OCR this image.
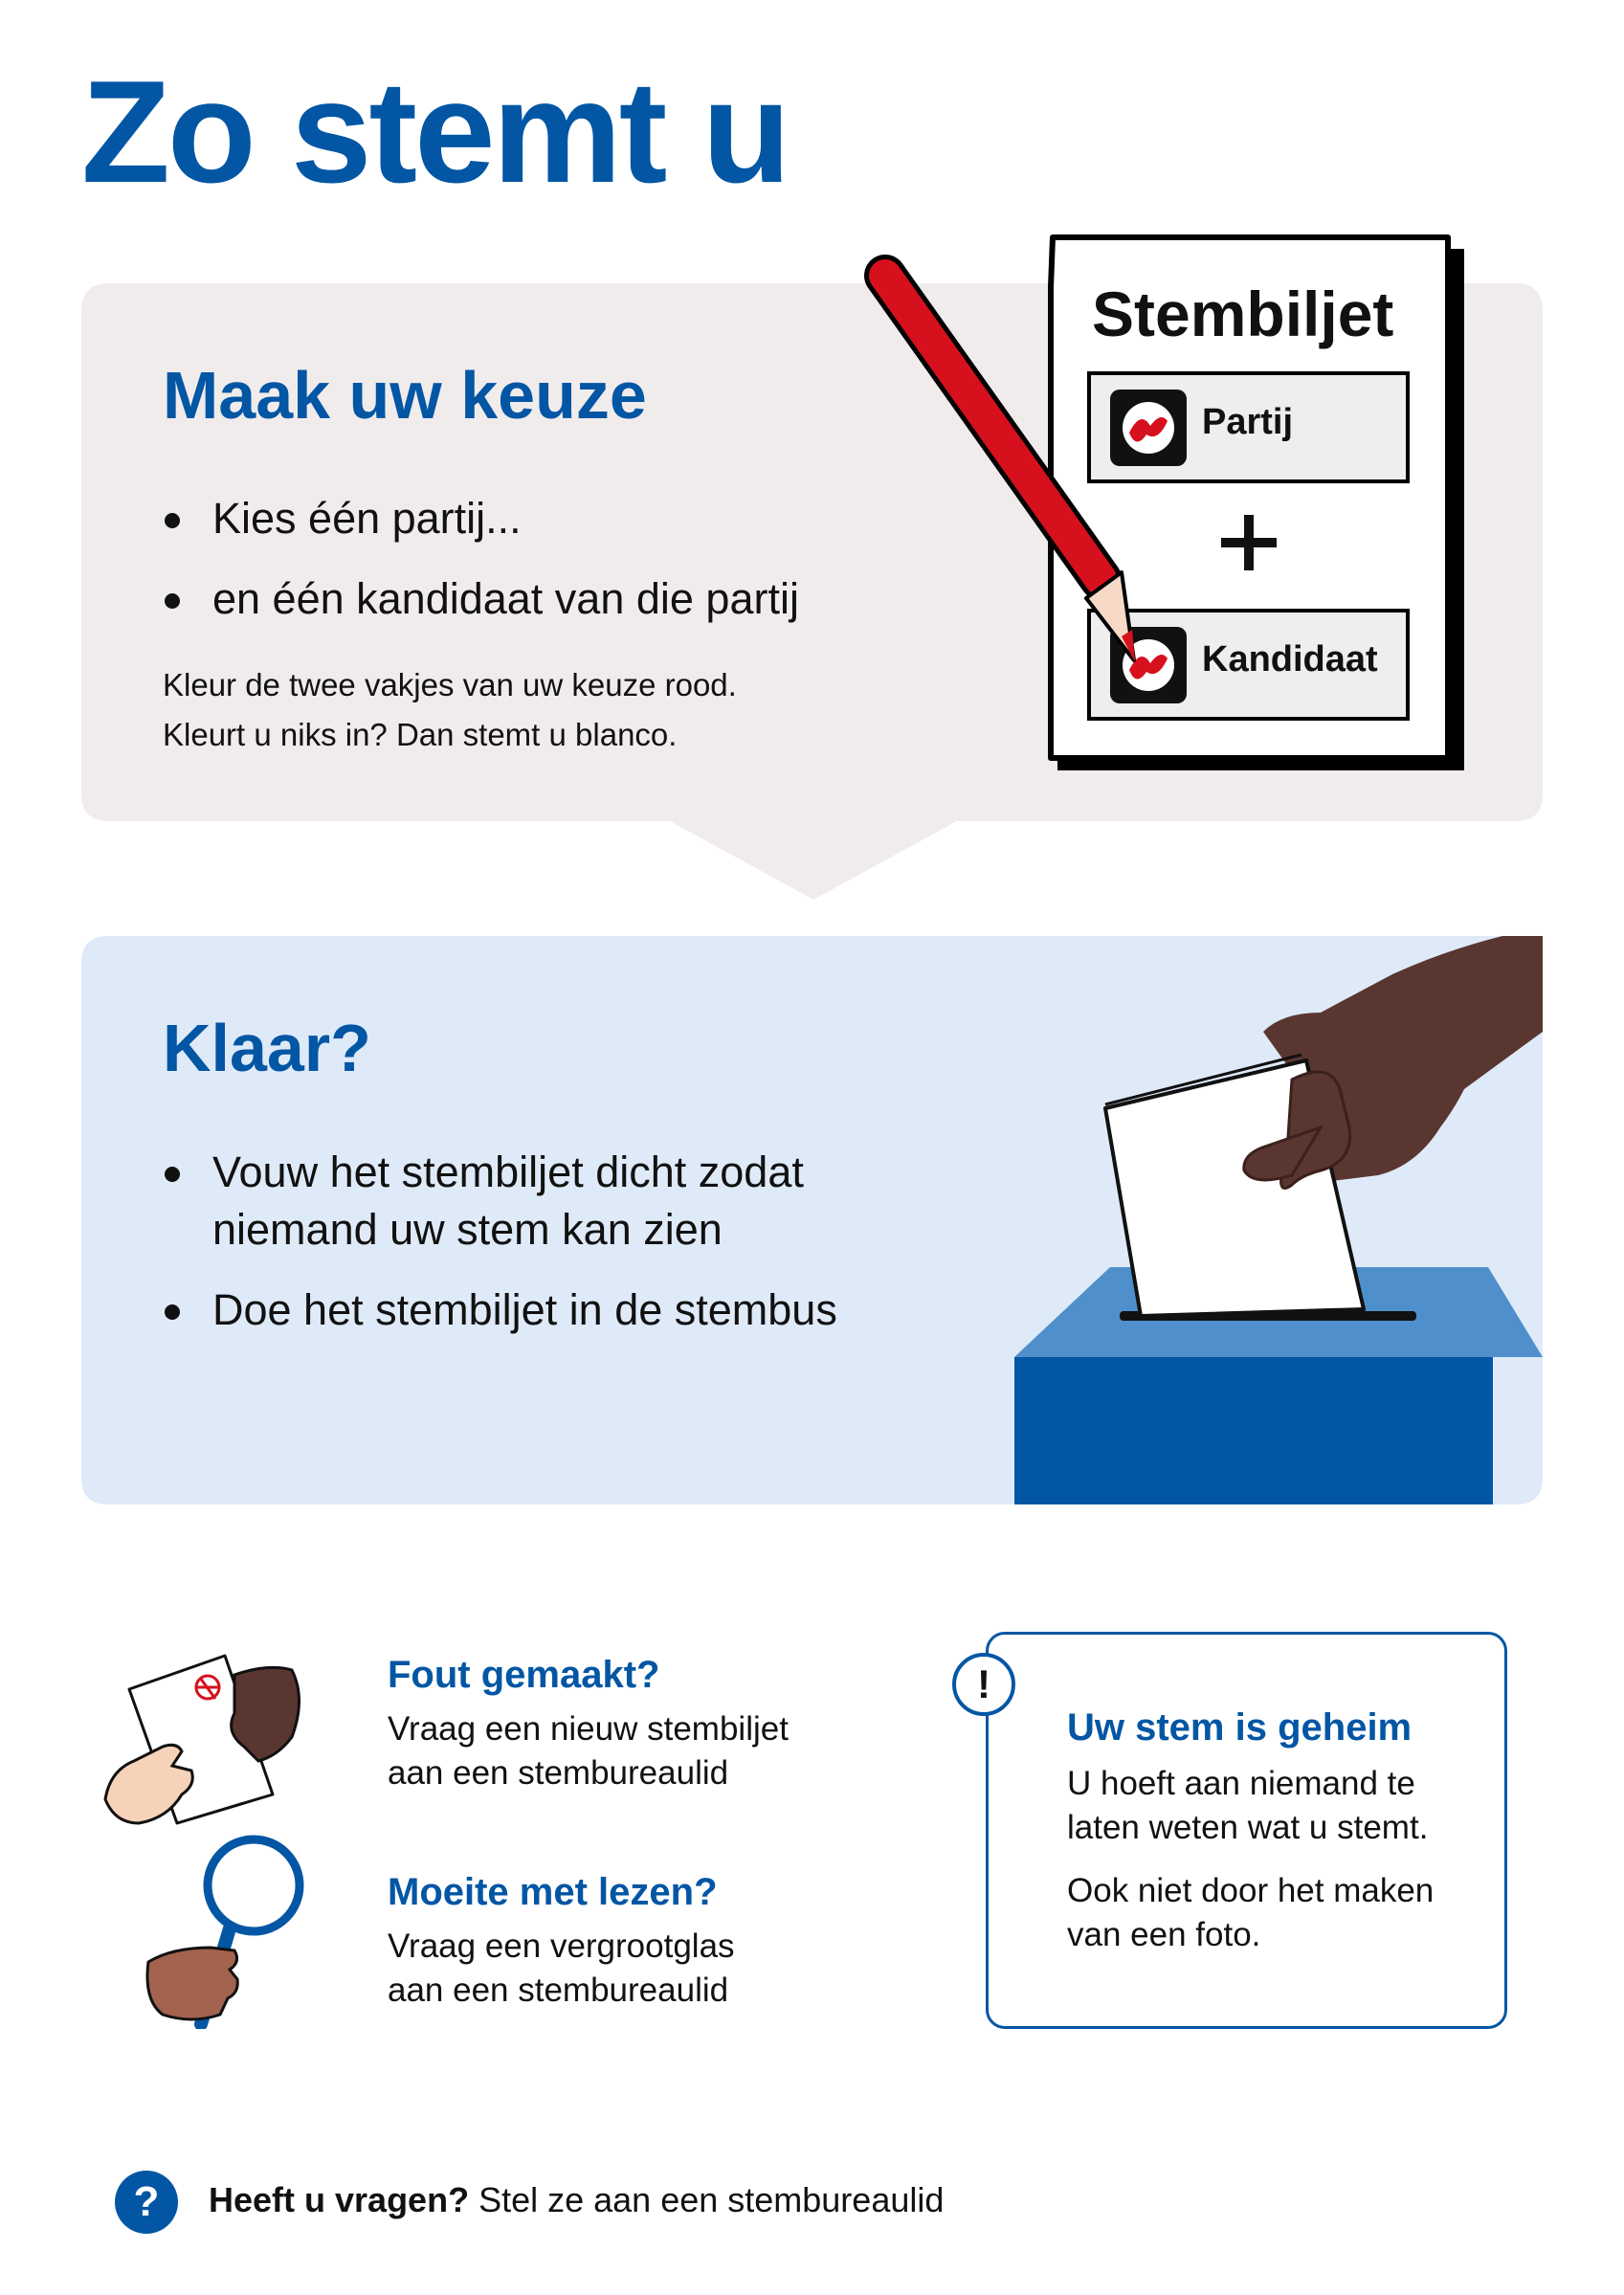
Zo stemt u
Maak uw keuze
Kies één partij...
en één kandidaat van die partij

Kleur de twee vakjes van uw keuze rood.

Kleurt u niks in? Dan stemt u blanco.

Stembiljet
Partij
Kandidaat
Klaar?
Vouw het stembiljet dicht zodat
niemand uw stem kan zien
Doe het stembiljet in de stembus
Fout gemaakt?

Vraag een nieuw stembiljet

aan een stembureaulid

Moeite met lezen?

Vraag een vergrootglas

aan een stembureaulid

!
Uw stem is geheim

U hoeft aan niemand te
laten weten wat u stemt.

Ook niet door het maken
van een foto.

?	Heeft u vragen? Stel ze aan een stembureaulid
